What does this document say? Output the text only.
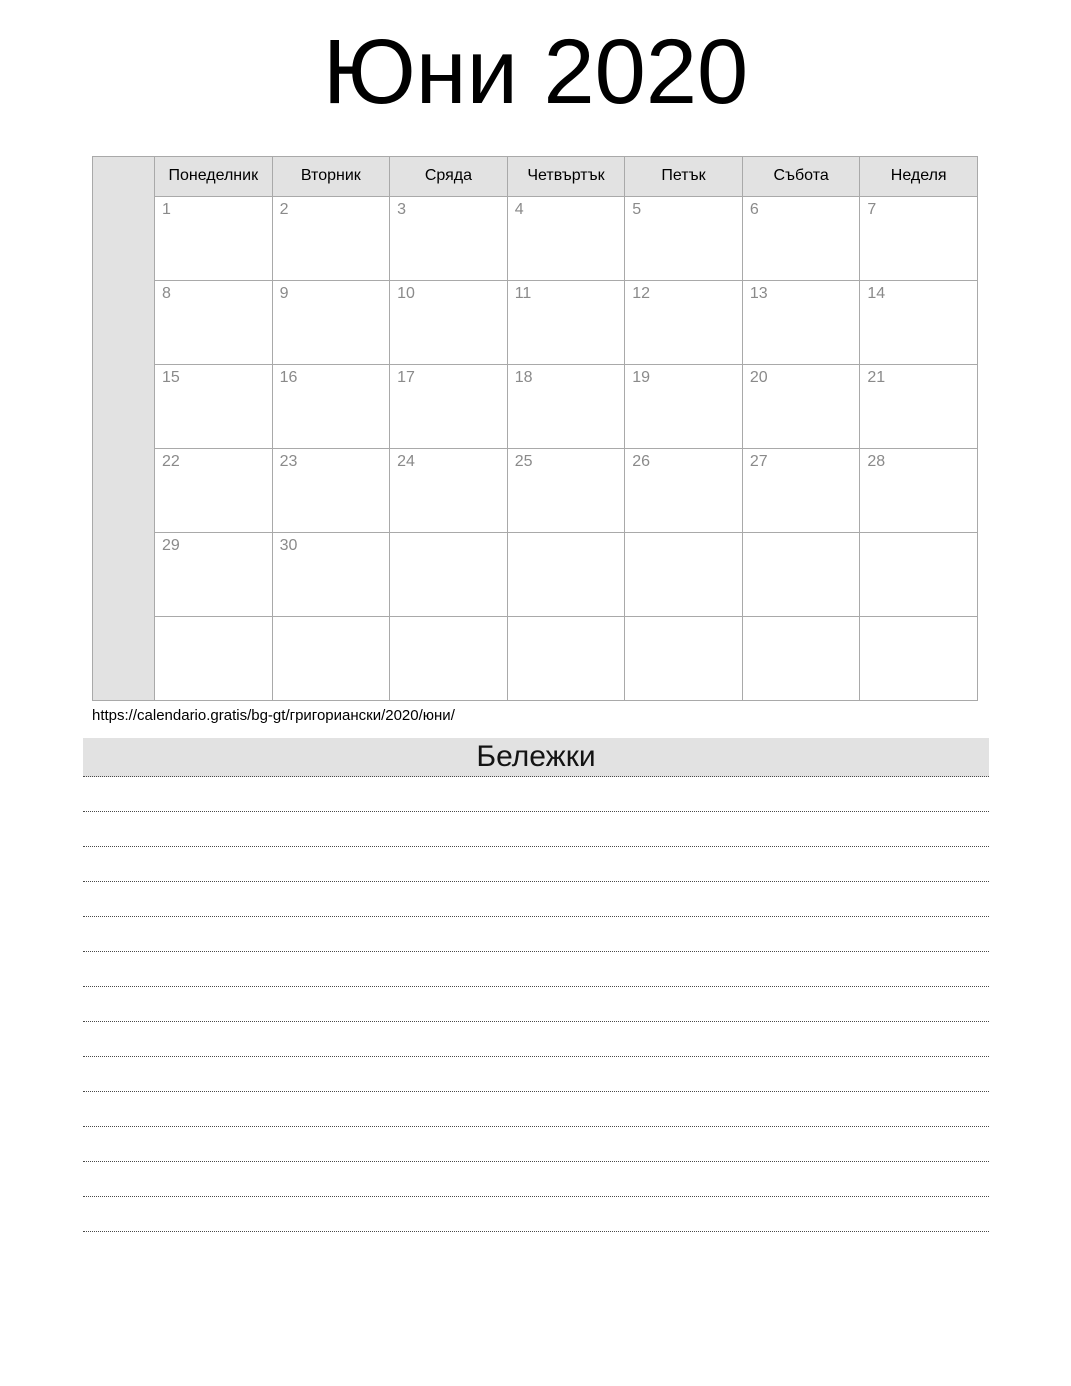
Юни 2020
	Понеделник	Вторник	Сряда	Четвъртък	Петък	Събота	Неделя
	1	2	3	4	5	6	7
	8	9	10	11	12	13	14
	15	16	17	18	19	20	21
	22	23	24	25	26	27	28
	29	30					

https://calendario.gratis/bg-gt/григориански/2020/юни/
Бележки
